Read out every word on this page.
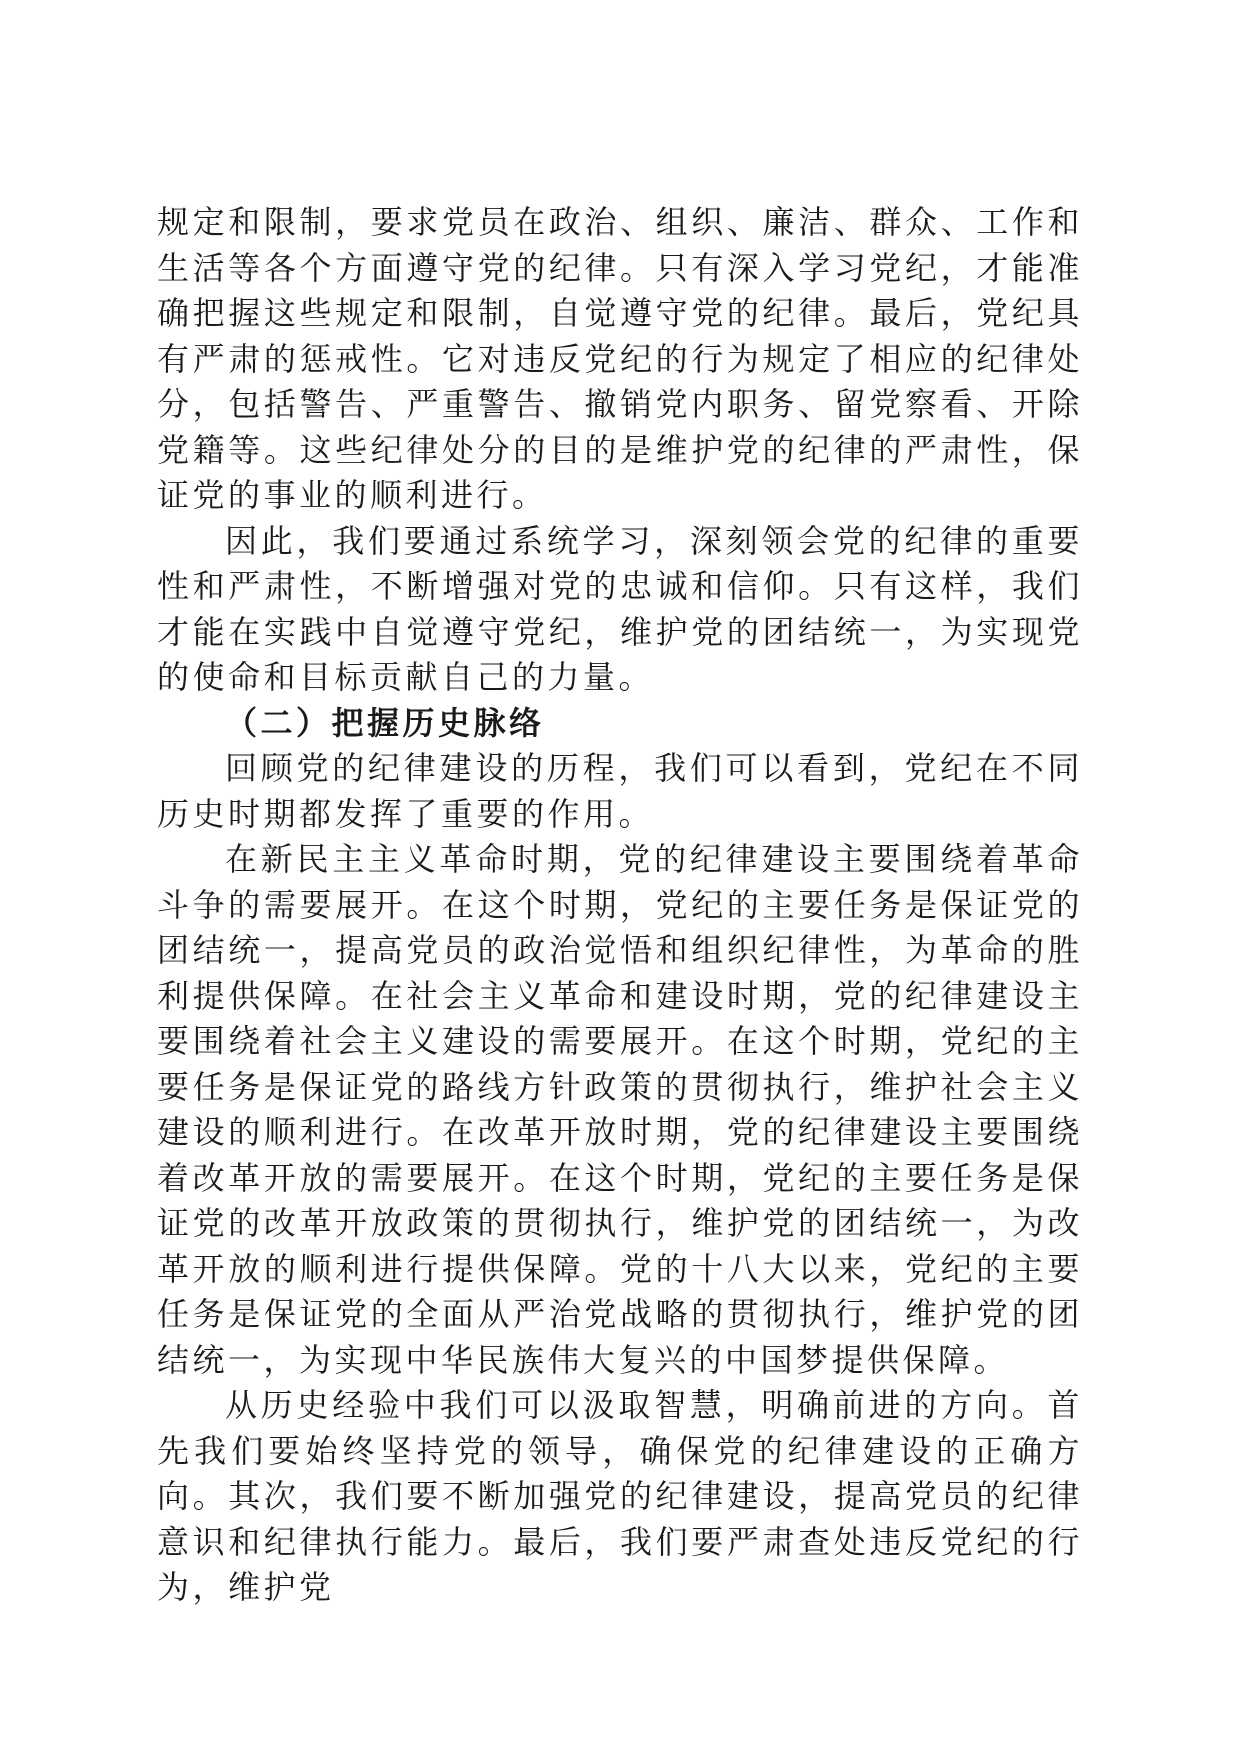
规定和限制，要求党员在政治、组织、廉洁、群众、工作和生活等各个方面遵守党的纪律。只有深入学习党纪，才能准确把握这些规定和限制，自觉遵守党的纪律。最后，党纪具有严肃的惩戒性。它对违反党纪的行为规定了相应的纪律处分，包括警告、严重警告、撤销党内职务、留党察看、开除党籍等。这些纪律处分的目的是维护党的纪律的严肃性，保证党的事业的顺利进行。

因此，我们要通过系统学习，深刻领会党的纪律的重要性和严肃性，不断增强对党的忠诚和信仰。只有这样，我们才能在实践中自觉遵守党纪，维护党的团结统一，为实现党的使命和目标贡献自己的力量。

（二）把握历史脉络

回顾党的纪律建设的历程，我们可以看到，党纪在不同历史时期都发挥了重要的作用。

在新民主主义革命时期，党的纪律建设主要围绕着革命斗争的需要展开。在这个时期，党纪的主要任务是保证党的团结统一，提高党员的政治觉悟和组织纪律性，为革命的胜利提供保障。在社会主义革命和建设时期，党的纪律建设主要围绕着社会主义建设的需要展开。在这个时期，党纪的主要任务是保证党的路线方针政策的贯彻执行，维护社会主义建设的顺利进行。在改革开放时期，党的纪律建设主要围绕着改革开放的需要展开。在这个时期，党纪的主要任务是保证党的改革开放政策的贯彻执行，维护党的团结统一，为改革开放的顺利进行提供保障。党的十八大以来，党纪的主要任务是保证党的全面从严治党战略的贯彻执行，维护党的团结统一，为实现中华民族伟大复兴的中国梦提供保障。

从历史经验中我们可以汲取智慧，明确前进的方向。首先我们要始终坚持党的领导，确保党的纪律建设的正确方向。其次，我们要不断加强党的纪律建设，提高党员的纪律意识和纪律执行能力。最后，我们要严肃查处违反党纪的行为，维护党
